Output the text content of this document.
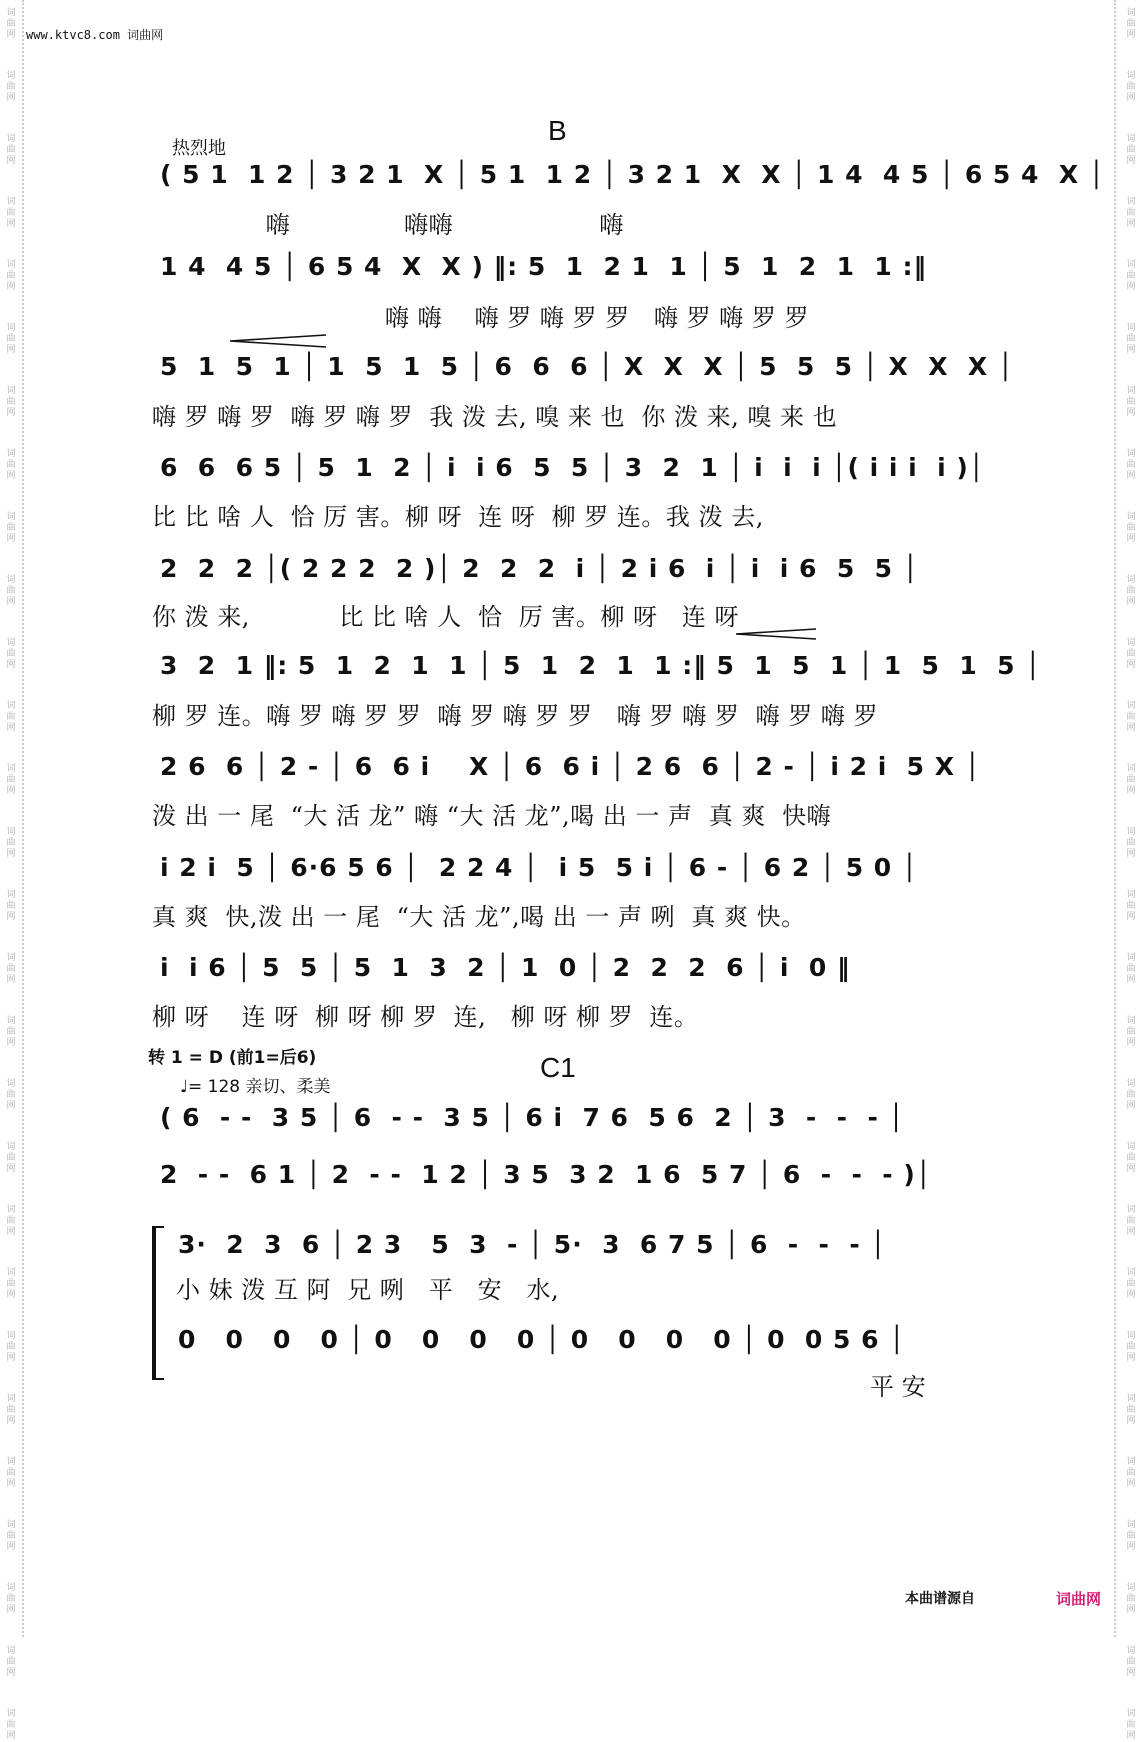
词
曲
网
词
曲
网
词
曲
网
词
曲
网
词
曲
网
词
曲
网
词
曲
网
词
曲
网
词
曲
网
词
曲
网
词
曲
网
词
曲
网
词
曲
网
词
曲
网
词
曲
网
词
曲
网
词
曲
网
词
曲
网
词
曲
网
词
曲
网
词
曲
网
词
曲
网
词
曲
网
词
曲
网
词
曲
网
词
曲
网
词
曲
网
词
曲
网
词
曲
网
词
曲
网
词
曲
网
词
曲
网
词
曲
网
词
曲
网
词
曲
网
词
曲
网
词
曲
网
词
曲
网
词
曲
网
词
曲
网
词
曲
网
词
曲
网
词
曲
网
词
曲
网
词
曲
网
词
曲
网
词
曲
网
词
曲
网
词
曲
网
词
曲
网
词
曲
网
词
曲
网
词
曲
网
词
曲
网
词
曲
网
词
曲
网
www.ktvc8.com 词曲网
B
热烈地
( 5 1  1 2 │ 3 2 1  X │ 5 1  1 2 │ 3 2 1  X  X │ 1 4  4 5 │ 6 5 4  X │
嗨              嗨嗨                  嗨
1 4  4 5 │ 6 5 4  X  X ) ‖: 5  1  2 1  1 │ 5  1  2  1  1 :‖
嗨 嗨    嗨 罗 嗨 罗 罗   嗨 罗 嗨 罗 罗
5  1  5  1 │ 1  5  1  5 │ 6  6  6 │ X  X  X │ 5  5  5 │ X  X  X │
嗨 罗 嗨 罗  嗨 罗 嗨 罗  我 泼 去, 嗅 来 也  你 泼 来, 嗅 来 也
6  6  6 5 │ 5  1  2 │ i  i 6  5  5 │ 3  2  1 │ i  i  i │( i i i  i )│
比 比 啥 人  恰 厉 害。柳 呀  连 呀  柳 罗 连。我 泼 去,
2  2  2 │( 2 2 2  2 )│ 2  2  2  i │ 2 i 6  i │ i  i 6  5  5 │
你 泼 来,           比 比 啥 人  恰  厉 害。柳 呀   连 呀
3  2  1 ‖: 5  1  2  1  1 │ 5  1  2  1  1 :‖ 5  1  5  1 │ 1  5  1  5 │
柳 罗 连。嗨 罗 嗨 罗 罗  嗨 罗 嗨 罗 罗   嗨 罗 嗨 罗  嗨 罗 嗨 罗
2 6  6 │ 2 - │ 6  6 i    X │ 6  6 i │ 2 6  6 │ 2 - │ i 2 i  5 X │
泼 出 一 尾  “大 活 龙” 嗨 “大 活 龙”,喝 出 一 声  真 爽  快嗨
i 2 i  5 │ 6·6 5 6 │  2 2 4 │  i 5  5 i │ 6 - │ 6 2 │ 5 0 │
真 爽  快,泼 出 一 尾  “大 活 龙”,喝 出 一 声 咧  真 爽 快。
i  i 6 │ 5  5 │ 5  1  3  2 │ 1  0 │ 2  2  2  6 │ i  0 ‖
柳 呀    连 呀  柳 呀 柳 罗  连,   柳 呀 柳 罗  连。
转 1 = D (前1=后6)	C1
♩= 128 亲切、柔美
( 6  - -  3 5 │ 6  - -  3 5 │ 6 i  7 6  5 6  2 │ 3  -  -  - │
2  - -  6 1 │ 2  - -  1 2 │ 3 5  3 2  1 6  5 7 │ 6  -  -  - )│
3·  2  3  6 │ 2 3   5  3  - │ 5·  3  6 7 5 │ 6  -  -  - │
小 妹 泼 互 阿  兄 咧   平   安   水,
0   0   0   0 │ 0   0   0   0 │ 0   0   0   0 │ 0  0 5 6 │
平 安
本曲谱源自	词曲网
